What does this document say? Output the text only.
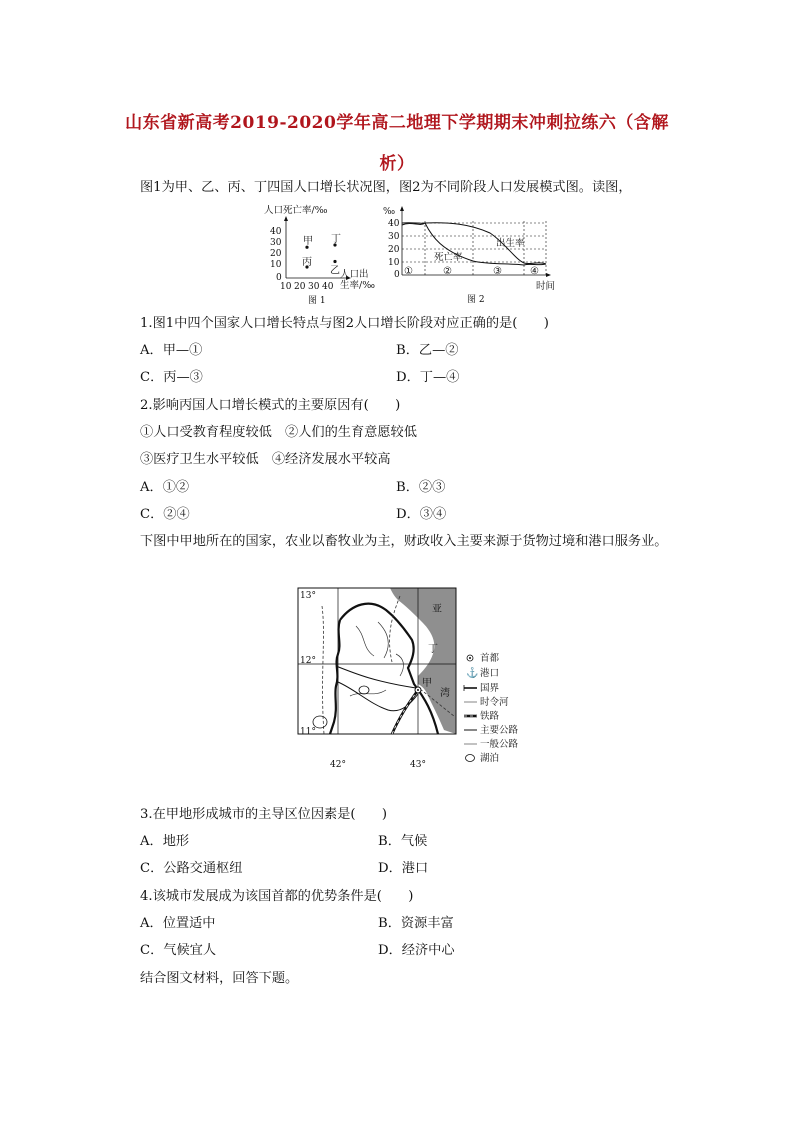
山东省新高考2019-2020学年高二地理下学期期末冲刺拉练六（含解
析）
图1为甲、乙、丙、丁四国人口增长状况图，图2为不同阶段人口发展模式图。读图，
人口死亡率/‰
40
30
20
10
0
10 20 30 40
人口出
生率/‰
甲
乙
丙
丁
图 1
‰
40
30
20
10
0
出生率
死亡率
①	②	③	④
时间
图 2
1.图1中四个国家人口增长特点与图2人口增长阶段对应正确的是(　　)
A．甲—①	B．乙—②
C．丙—③	D．丁—④
2.影响丙国人口增长模式的主要原因有(　　)
①人口受教育程度较低　②人们的生育意愿较低
③医疗卫生水平较低　④经济发展水平较高
A．①②	B．②③
C．②④	D．③④
下图中甲地所在的国家，农业以畜牧业为主，财政收入主要来源于货物过境和港口服务业。
13°
12°
11°
42°	43°
亚
丁
甲
湾
首都
⚓ 港口
国界
时令河
铁路
主要公路
一般公路
湖泊
3.在甲地形成城市的主导区位因素是(　　)
A．地形	B．气候
C．公路交通枢纽	D．港口
4.该城市发展成为该国首都的优势条件是(　　)
A．位置适中	B．资源丰富
C．气候宜人	D．经济中心
结合图文材料，回答下题。
